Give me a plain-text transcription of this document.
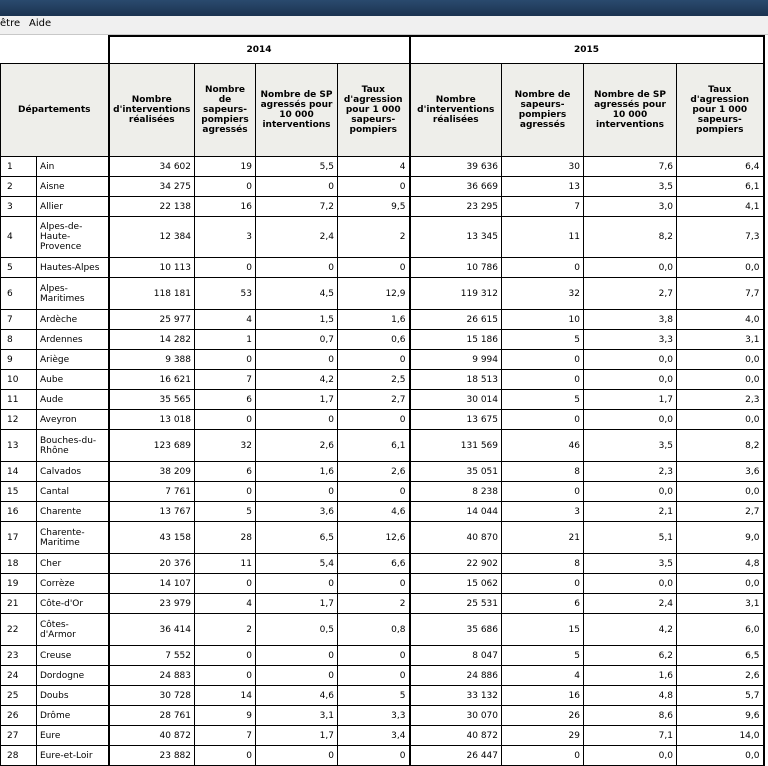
être Aide
		2014				2015			
Départements		Nombre d'interventions réalisées	Nombre de sapeurs-pompiers agressés	Nombre de SP agressés pour 10 000 interventions	Taux d'agression pour 1 000 sapeurs-pompiers	Nombre d'interventions réalisées	Nombre de sapeurs-pompiers agressés	Nombre de SP agressés pour 10 000 interventions	Taux d'agression pour 1 000 sapeurs-pompiers
1	Ain	34 602	19	5,5	4	39 636	30	7,6	6,4
2	Aisne	34 275	0	0	0	36 669	13	3,5	6,1
3	Allier	22 138	16	7,2	9,5	23 295	7	3,0	4,1
4	Alpes-de-Haute-Provence	12 384	3	2,4	2	13 345	11	8,2	7,3
5	Hautes-Alpes	10 113	0	0	0	10 786	0	0,0	0,0
6	Alpes-Maritimes	118 181	53	4,5	12,9	119 312	32	2,7	7,7
7	Ardèche	25 977	4	1,5	1,6	26 615	10	3,8	4,0
8	Ardennes	14 282	1	0,7	0,6	15 186	5	3,3	3,1
9	Ariège	9 388	0	0	0	9 994	0	0,0	0,0
10	Aube	16 621	7	4,2	2,5	18 513	0	0,0	0,0
11	Aude	35 565	6	1,7	2,7	30 014	5	1,7	2,3
12	Aveyron	13 018	0	0	0	13 675	0	0,0	0,0
13	Bouches-du-Rhône	123 689	32	2,6	6,1	131 569	46	3,5	8,2
14	Calvados	38 209	6	1,6	2,6	35 051	8	2,3	3,6
15	Cantal	7 761	0	0	0	8 238	0	0,0	0,0
16	Charente	13 767	5	3,6	4,6	14 044	3	2,1	2,7
17	Charente-Maritime	43 158	28	6,5	12,6	40 870	21	5,1	9,0
18	Cher	20 376	11	5,4	6,6	22 902	8	3,5	4,8
19	Corrèze	14 107	0	0	0	15 062	0	0,0	0,0
21	Côte-d'Or	23 979	4	1,7	2	25 531	6	2,4	3,1
22	Côtes-d'Armor	36 414	2	0,5	0,8	35 686	15	4,2	6,0
23	Creuse	7 552	0	0	0	8 047	5	6,2	6,5
24	Dordogne	24 883	0	0	0	24 886	4	1,6	2,6
25	Doubs	30 728	14	4,6	5	33 132	16	4,8	5,7
26	Drôme	28 761	9	3,1	3,3	30 070	26	8,6	9,6
27	Eure	40 872	7	1,7	3,4	40 872	29	7,1	14,0
28	Eure-et-Loir	23 882	0	0	0	26 447	0	0,0	0,0
